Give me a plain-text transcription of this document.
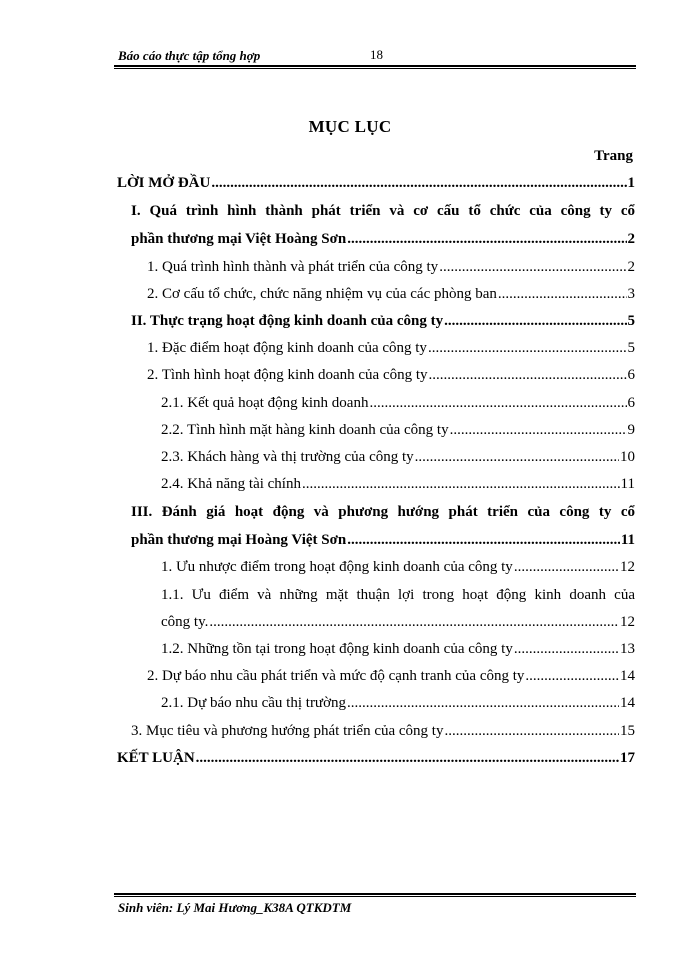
Báo cáo thực tập tổng hợp	18
MỤC LỤC
Trang
LỜI MỞ ĐẦU .....	1
I. Quá trình hình thành phát triển và cơ cấu tổ chức của công ty cổ
phần thương mại Việt Hoàng Sơn .....	2
1. Quá trình hình thành và phát triển của công ty .....	2
2. Cơ cấu tổ chức, chức năng nhiệm vụ của các phòng ban .....	3
II. Thực trạng hoạt động kinh doanh của công ty .....	5
1. Đặc điểm hoạt động kinh doanh của công ty .....	5
2. Tình hình hoạt động kinh doanh của công ty .....	6
2.1. Kết quả hoạt động kinh doanh .....	6
2.2. Tình hình mặt hàng kinh doanh của công ty .....	9
2.3. Khách hàng và thị trường của công ty .....	10
2.4. Khả năng tài chính .....	11
III. Đánh giá hoạt động và phương hướng phát triển của công ty cổ
phần thương mại Hoàng Việt Sơn .....	11
1. Ưu nhược điểm trong hoạt động kinh doanh của công ty .....	12
1.1. Ưu điểm và những mặt thuận lợi trong hoạt động kinh doanh của
công ty. .....	12
1.2. Những tồn tại trong hoạt động kinh doanh của công ty .....	13
2. Dự báo nhu cầu phát triển và mức độ cạnh tranh của công ty .....	14
2.1. Dự báo nhu cầu thị trường .....	14
3. Mục tiêu và phương hướng phát triển của công ty .....	15
KẾT LUẬN .....	17
Sinh viên: Lý Mai Hương_K38A QTKDTM
